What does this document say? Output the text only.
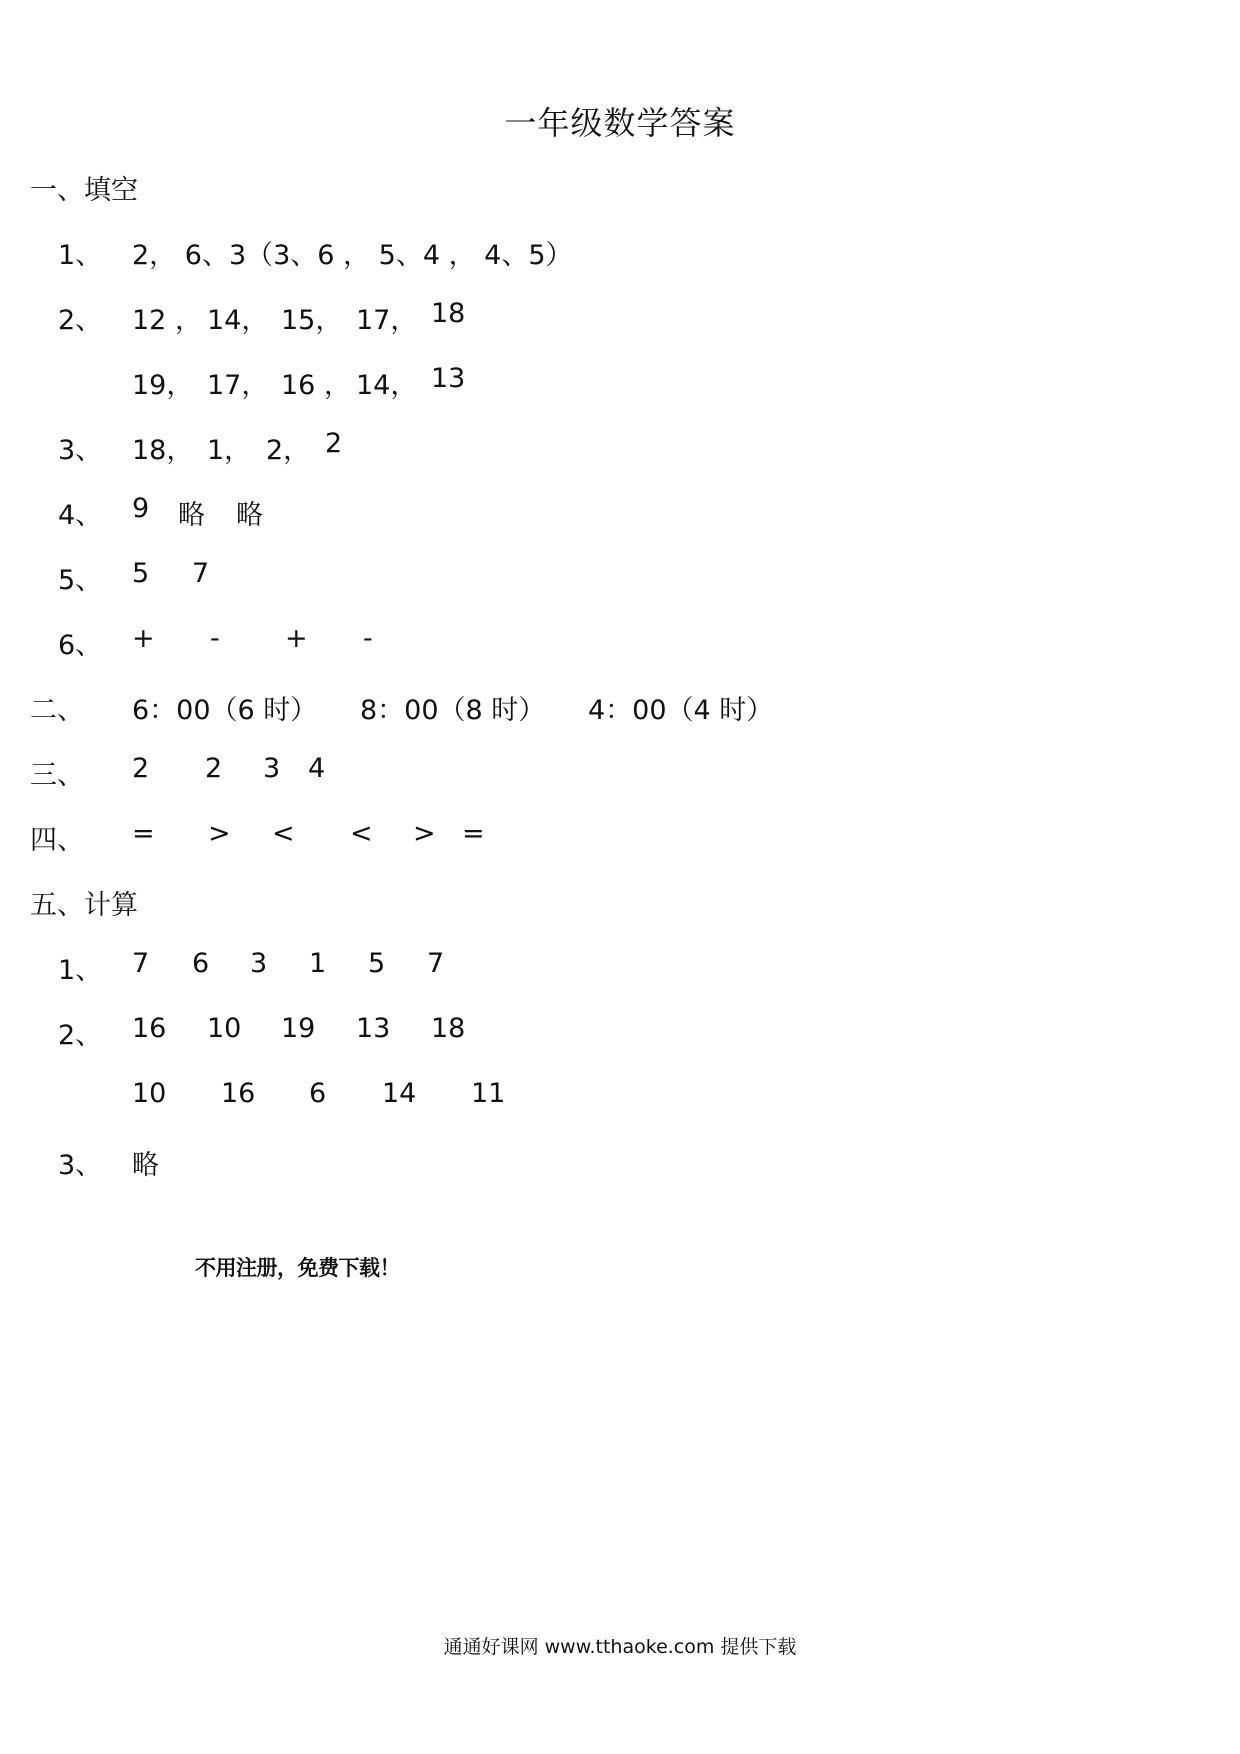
一年级数学答案
一、填空
1、 2， 6、3（3、6 ， 5、4 ， 4、5）
2、 12 ， 14， 15， 17， 18
19， 17， 16 ， 14， 13
3、 18， 1， 2， 2
4、 9 略 略
5、 5 7
6、 + - + -
二、 6：00（6 时） 8：00（8 时） 4：00（4 时）
三、 2 2 3 4
四、 = > < < > =
五、计算
1、 7 6 3 1 5 7
2、 16 10 19 13 18
10 16 6 14 11
3、 略
不用注册，免费下载！
通通好课网 www.tthaoke.com 提供下载
